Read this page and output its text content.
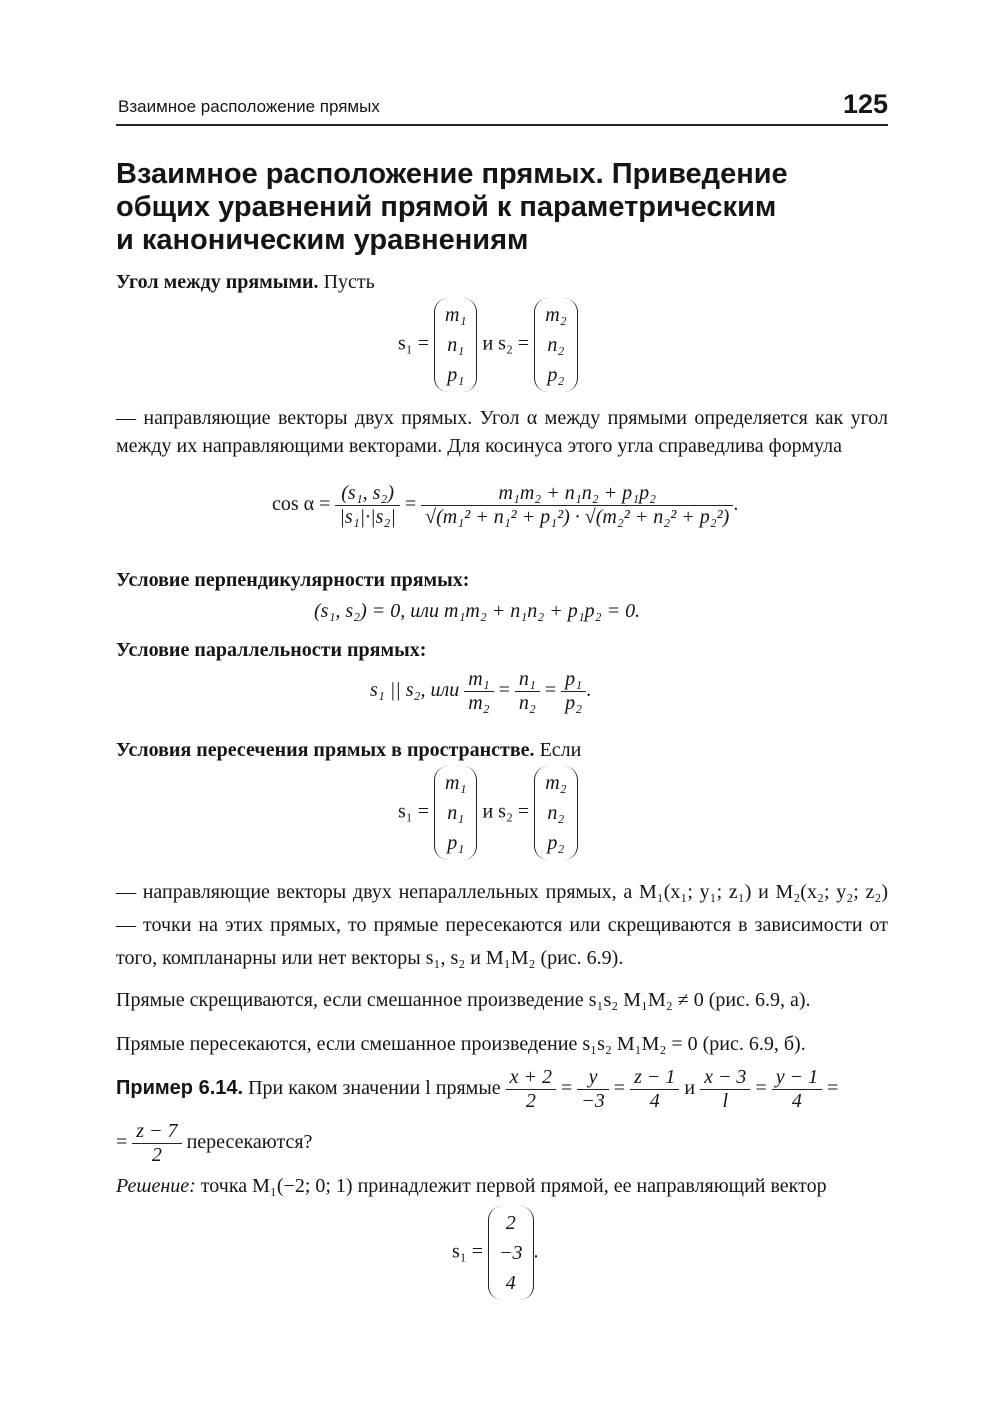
Взаимное расположение прямых	125
Взаимное расположение прямых. Приведение
общих уравнений прямой к параметрическим
и каноническим уравнениям

Угол между прямыми. Пусть

s₁ = m₁
n₁
p₁ и s₂ = m₂
n₂
p₂

— направляющие векторы двух прямых. Угол α между прямыми определяется как угол между их направляющими векторами. Для косинуса этого угла справедлива формула

$\cos \alpha = \frac{\text{(s₁, s₂)}}{\text{|s₁|·|s₂|}} = \frac{\text{m₁m₂ + n₁n₂ + p₁p₂}}{\text{√(m₁² + n₁² + p₁²) · √(m₂² + n₂² + p₂²)}}$ .

Условие перпендикулярности прямых:

(s₁, s₂) = 0, или m₁m₂ + n₁n₂ + p₁p₂ = 0.

Условие параллельности прямых:

s₁ || s₂, или $\frac{\text{m₁}}{\text{m₂}} = \frac{\text{n₁}}{\text{n₂}} = \frac{\text{p₁}}{\text{p₂}}$ .

Условия пересечения прямых в пространстве. Если

s₁ = m₁
n₁
p₁ и s₂ = m₂
n₂
p₂

— направляющие векторы двух непараллельных прямых, а M₁(x₁; y₁; z₁) и M₂(x₂; y₂; z₂) — точки на этих прямых, то прямые пересекаются или скрещиваются в зависимости от того, компланарны или нет векторы s₁, s₂ и M₁M₂ (рис. 6.9).

Прямые скрещиваются, если смешанное произведение s₁s₂ M₁M₂ ≠ 0 (рис. 6.9, а).

Прямые пересекаются, если смешанное произведение s₁s₂ M₁M₂ = 0 (рис. 6.9, б).

Пример 6.14. При каком значении l прямые $\frac{x + 2}{2} = \frac{y}{-3} = \frac{z - 1}{4}$ и $\frac{x - 3}{l} = \frac{y - 1}{4}$ =
= $\frac{z - 7}{2}$ пересекаются?

Решение: точка M₁(−2; 0; 1) принадлежит первой прямой, ее направляющий вектор

s₁ = 2
−3
4.
